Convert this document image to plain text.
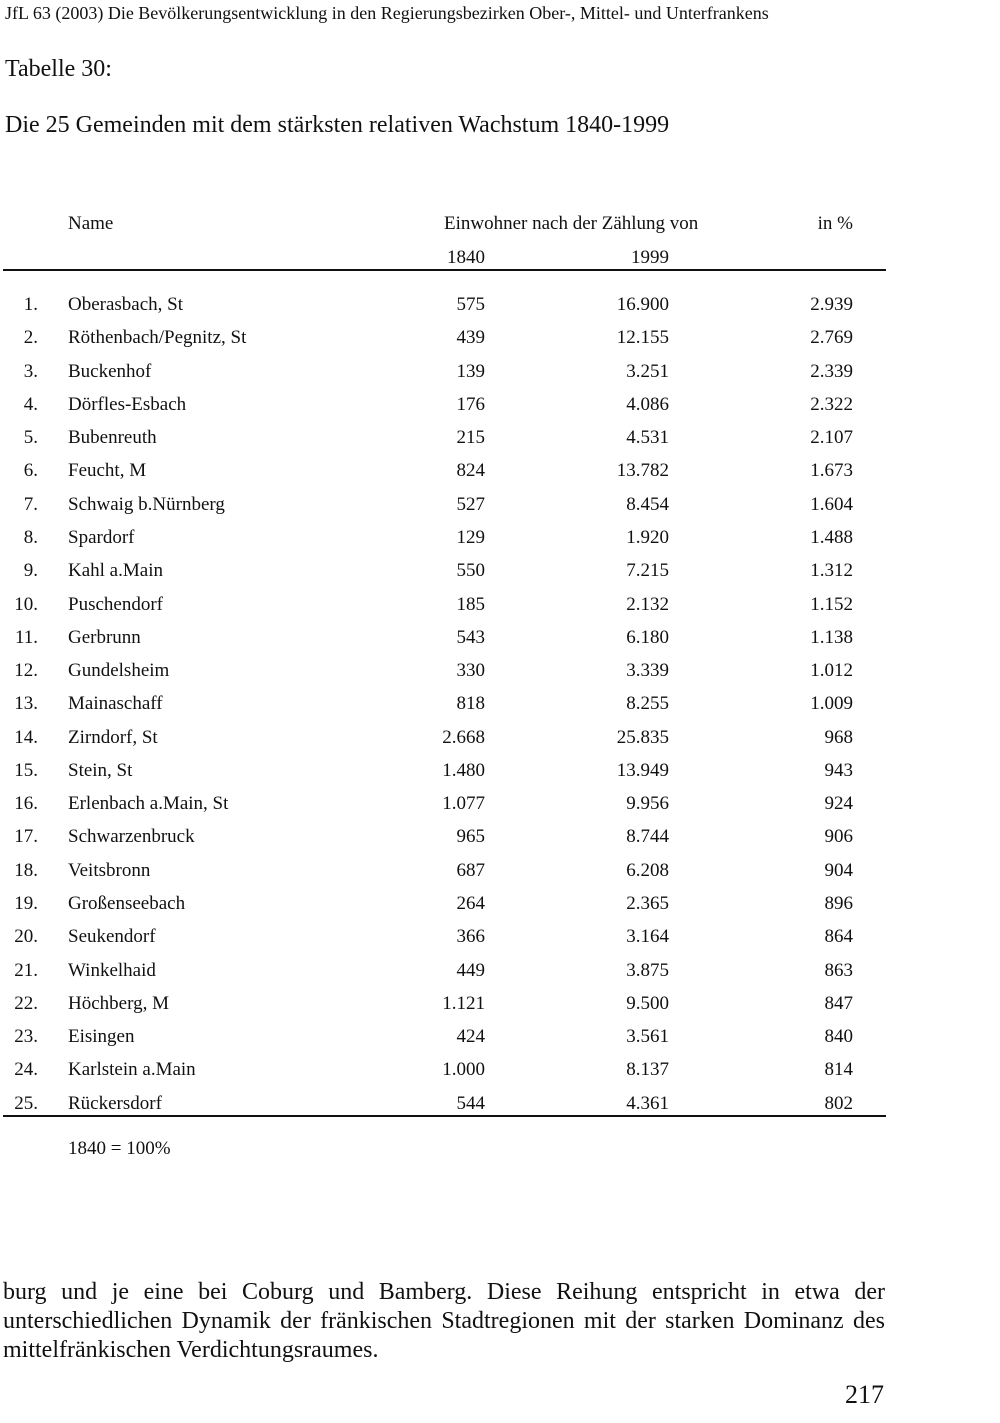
JfL 63 (2003) Die Bevölkerungsentwicklung in den Regierungsbezirken Ober-, Mittel- und Unterfrankens
Tabelle 30:
Die 25 Gemeinden mit dem stärksten relativen Wachstum 1840-1999
Name	Einwohner nach der Zählung von	in %
1840	1999
1. Oberasbach, St	575	16.900	2.939
2. Röthenbach/Pegnitz, St	439	12.155	2.769
3. Buckenhof	139	3.251	2.339
4. Dörfles-Esbach	176	4.086	2.322
5. Bubenreuth	215	4.531	2.107
6. Feucht, M	824	13.782	1.673
7. Schwaig b.Nürnberg	527	8.454	1.604
8. Spardorf	129	1.920	1.488
9. Kahl a.Main	550	7.215	1.312
10. Puschendorf	185	2.132	1.152
11. Gerbrunn	543	6.180	1.138
12. Gundelsheim	330	3.339	1.012
13. Mainaschaff	818	8.255	1.009
14. Zirndorf, St	2.668	25.835	968
15. Stein, St	1.480	13.949	943
16. Erlenbach a.Main, St	1.077	9.956	924
17. Schwarzenbruck	965	8.744	906
18. Veitsbronn	687	6.208	904
19. Großenseebach	264	2.365	896
20. Seukendorf	366	3.164	864
21. Winkelhaid	449	3.875	863
22. Höchberg, M	1.121	9.500	847
23. Eisingen	424	3.561	840
24. Karlstein a.Main	1.000	8.137	814
25. Rückersdorf	544	4.361	802
1840 = 100%
burg und je eine bei Coburg und Bamberg. Diese Reihung entspricht in etwa der unterschiedlichen Dynamik der fränkischen Stadtregionen mit der starken Dominanz des mittelfränkischen Verdichtungsraumes.
217
